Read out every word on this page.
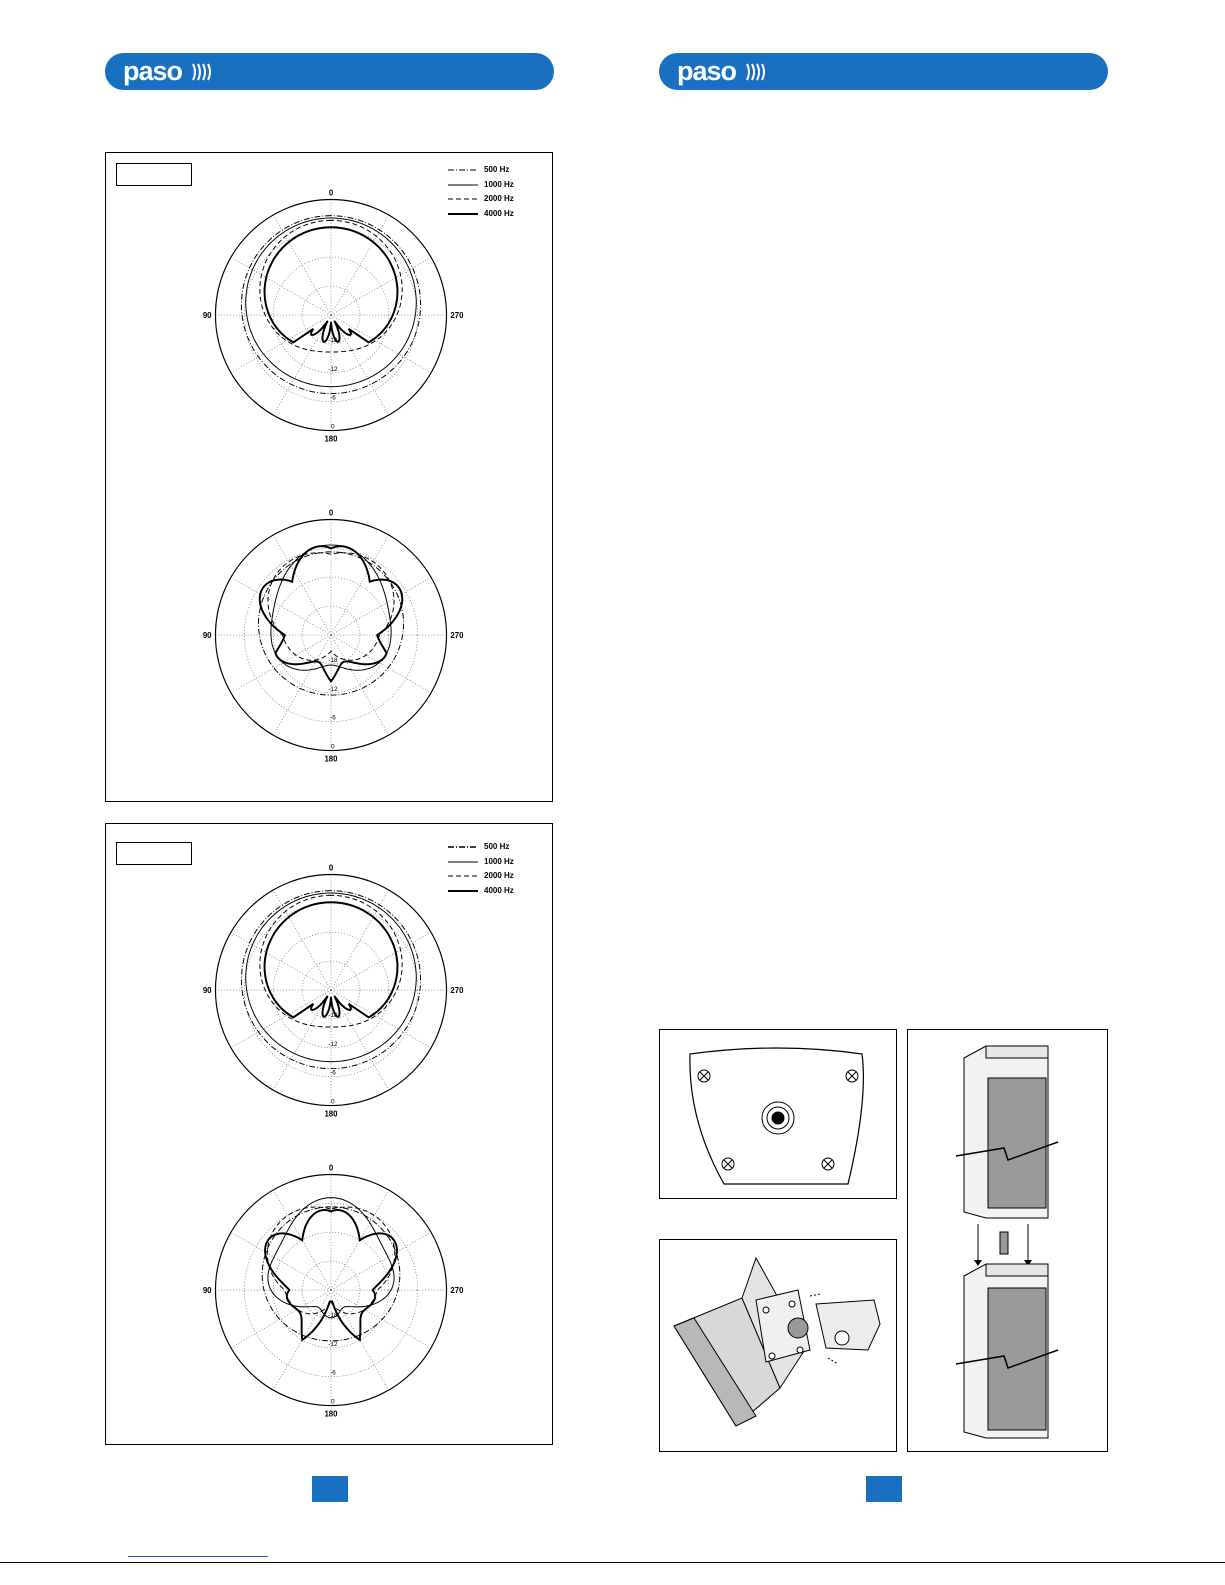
paso	paso
500 Hz
1000 Hz
2000 Hz
4000 Hz
0
90	270
180
-18
-12
-6
0
0
90	270
180
-18
-12
-6
0
500 Hz
1000 Hz
2000 Hz
4000 Hz
0
90	270
180
-18
-12
-6
0
0
90	270
180
-18
-12
-6
0
